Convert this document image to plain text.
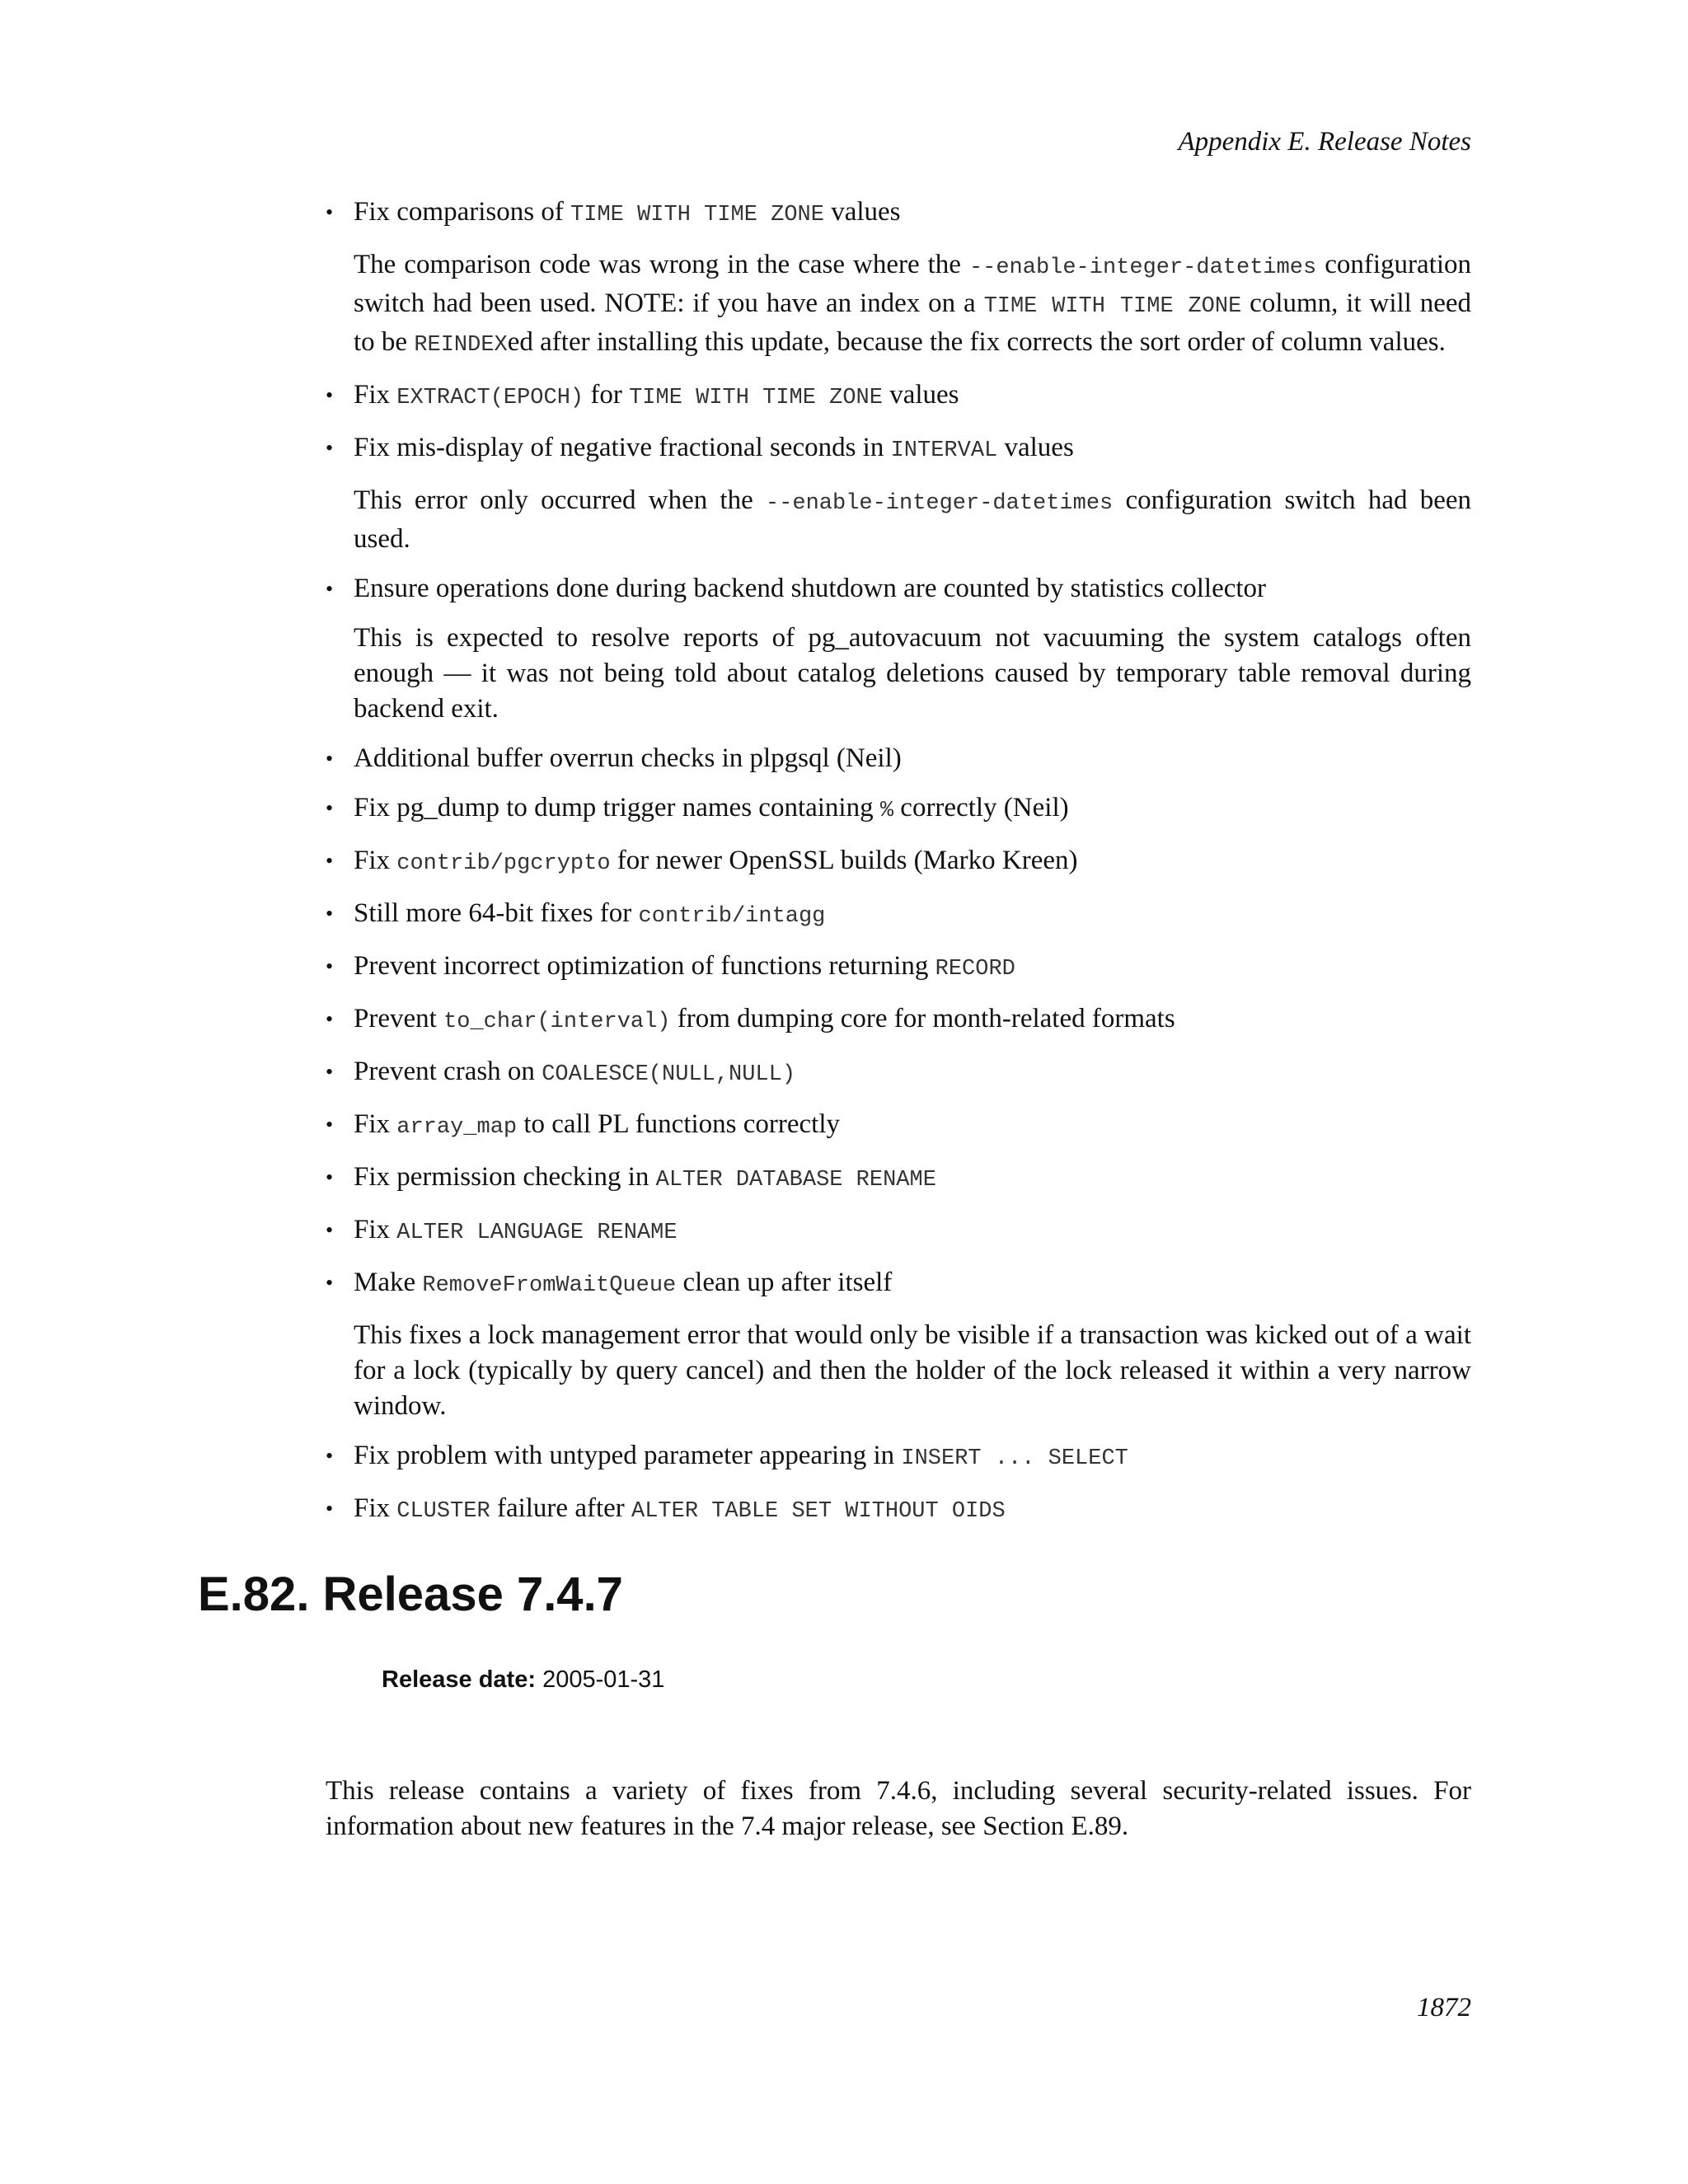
Appendix E. Release Notes
• Fix comparisons of TIME WITH TIME ZONE values
The comparison code was wrong in the case where the --enable-integer-datetimes configuration switch had been used. NOTE: if you have an index on a TIME WITH TIME ZONE column, it will need to be REINDEXed after installing this update, because the fix corrects the sort order of column values.
• Fix EXTRACT(EPOCH) for TIME WITH TIME ZONE values
• Fix mis-display of negative fractional seconds in INTERVAL values
This error only occurred when the --enable-integer-datetimes configuration switch had been used.
• Ensure operations done during backend shutdown are counted by statistics collector
This is expected to resolve reports of pg_autovacuum not vacuuming the system catalogs often enough — it was not being told about catalog deletions caused by temporary table removal during backend exit.
• Additional buffer overrun checks in plpgsql (Neil)
• Fix pg_dump to dump trigger names containing % correctly (Neil)
• Fix contrib/pgcrypto for newer OpenSSL builds (Marko Kreen)
• Still more 64-bit fixes for contrib/intagg
• Prevent incorrect optimization of functions returning RECORD
• Prevent to_char(interval) from dumping core for month-related formats
• Prevent crash on COALESCE(NULL,NULL)
• Fix array_map to call PL functions correctly
• Fix permission checking in ALTER DATABASE RENAME
• Fix ALTER LANGUAGE RENAME
• Make RemoveFromWaitQueue clean up after itself
This fixes a lock management error that would only be visible if a transaction was kicked out of a wait for a lock (typically by query cancel) and then the holder of the lock released it within a very narrow window.
• Fix problem with untyped parameter appearing in INSERT ... SELECT
• Fix CLUSTER failure after ALTER TABLE SET WITHOUT OIDS
E.82. Release 7.4.7
Release date: 2005-01-31

This release contains a variety of fixes from 7.4.6, including several security-related issues. For information about new features in the 7.4 major release, see Section E.89.

1872
